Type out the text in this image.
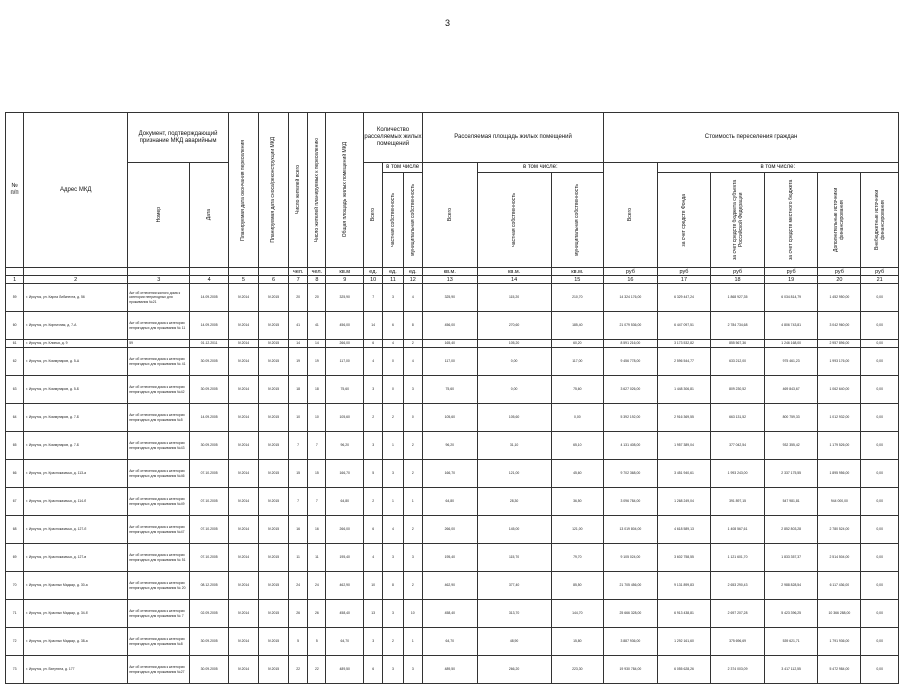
3
№
п/п	Адрес МКД	Документ, подтверждающий признание МКД аварийным		Планируемая дата окончания переселения	Планируемая дата сноса/реконструкции МКД	Число жителей всего	Число жителей планируемых к переселению	Общая площадь жилых помещений МКД	Количество расселяемых жилых помещений			Расселяемая площадь жилых помещений			Стоимость переселения граждан					

		Номер	Дата						Всего	в том числе		Всего	в том числе:		Всего	в том числе:				

										частная собственность	муниципальная собственность		частная собственность	муниципальная собственность		за счет средств Фонда	за счет средств бюджета субъекта Российской Федерации	за счет средств местного бюджета	Дополнительные источники финансирования	Внебюджетные источники финансирования

						чел.	чел.	кв.м	ед.	ед.	ед.	кв.м.	кв.м.	кв.м.	руб	руб	руб	руб	руб	руб
1	2	3	4	5	6	7	8	9	10	11	12	13	14	15	16	17	18	19	20	21
59	г. Иркутск, ул. Карла Либкнехта, д. 56	Акт об отнесении жилого дома к категории непригодных для проживания №21	14.09.2005	IV.2014	IV.2015	20	20	325,90	7	3	4	325,90	115,20	210,70	14 324 176,00	6 329 447,24	1 868 927,35	6 034 814,79	1 452 950,00	0,00
60	г. Иркутск, ул. Кирпичная, д. 7-А	Акт об отнесении дома к категории непригодных для проживания № 11	14.09.2005	IV.2014	IV.2015	41	41	456,00	14	6	8	456,00	270,60	185,40	21 079 536,00	6 447 097,51	2 784 734,68	4 806 743,81	3 042 960,00	0,00
61	г. Иркутск, ул. Клинья, д. 9	59	01.12.2011	IV.2014	IV.2015	14	14	266,00	6	4	2	165,40	105,20	60,20	8 591 216,00	3 173 532,82	855 567,36	1 246 168,00	2 957 896,00	0,00
62	г. Иркутск, ул. Коммунаров, д. 5-А	Акт об отнесении дома к категории непригодных для проживания № 41	30.09.2005	IV.2014	IV.2015	19	19	117,00	4	0	4	117,00	0,00	117,00	9 456 778,00	2 596 544,77	633 212,00	975 461,23	1 993 176,00	0,00
63	г. Иркутск, ул. Коммунаров, д. 5-Б	Акт об отнесении дома к категории непригодных для проживания №42	30.09.2005	IV.2014	IV.2015	18	18	75,60	3	0	3	75,60	0,00	75,60	3 627 026,00	1 448 306,81	809 230,52	469 843,67	1 062 640,00	0,00
64	г. Иркутск, ул. Коммунаров, д. 7-Б	Акт об отнесении дома к категории непригодных для проживания №5	14.09.2005	IV.2014	IV.2015	10	10	105,60	2	2	0	105,60	105,60	0,00	5 392 192,00	2 916 369,55	663 131,52	800 759,33	1 012 932,00	0,00
65	г. Иркутск, ул. Коммунаров, д. 7-Б	Акт об отнесении дома к категории непригодных для проживания №43	30.09.2005	IV.2014	IV.2015	7	7	96,20	3	1	2	96,20	31,10	65,10	4 131 408,00	1 957 389,04	377 042,54	932 355,42	1 179 526,00	0,00
66	г. Иркутск, ул. Красноказачья, д. 113-а	Акт об отнесении дома к категории непригодных для проживания №46	07.10.2005	IV.2014	IV.2015	15	15	166,70	5	3	2	166,70	121,00	45,60	9 702 368,00	3 451 940,61	1 993 243,00	2 337 175,55	1 895 956,00	0,00
67	г. Иркутск, ул. Красноказачья, д. 114-б	Акт об отнесении дома к категории непригодных для проживания №49	07.10.2005	IV.2014	IV.2015	7	7	64,80	2	1	1	64,80	28,30	36,50	3 096 784,00	1 268 249,04	391 897,15	547 981,81	944 000,00	0,00
68	г. Иркутск, ул. Красноказачья, д. 127-б	Акт об отнесении дома к категории непригодных для проживания №47	07.10.2005	IV.2014	IV.2015	16	16	266,00	6	4	2	266,00	145,00	121,00	13 019 804,00	4 618 589,13	1 408 567,61	2 852 803,28	2 780 524,00	0,00
69	г. Иркутск, ул. Красноказачья, д. 127-в	Акт об отнесении дома к категории непригодных для проживания № 51	07.10.2005	IV.2014	IV.2015	11	11	195,40	4	3	3	195,40	115,70	79,70	9 105 024,00	3 602 758,55	1 121 601,70	1 833 357,37	2 514 504,00	0,00
70	г. Иркутск, ул. Красных Мадьяр, д. 30-а	Акт об отнесении дома к категории непригодных для проживания № 20	08.12.2005	IV.2014	IV.2015	24	24	462,90	10	8	2	462,90	377,40	85,50	21 705 456,00	9 131 899,83	2 653 290,43	2 988 828,54	6 117 436,00	0,00
71	г. Иркутск, ул. Красных Мадьяр, д. 34-б	Акт об отнесении дома к категории непригодных для проживания № 7	02.09.2005	IV.2014	IV.2015	26	26	458,40	13	3	10	458,40	313,70	144,70	25 666 328,00	6 913 438,81	2 697 207,28	5 423 396,25	10 366 288,00	0,00
72	г. Иркутск, ул. Красных Мадьяр, д. 38-а	Акт об отнесении дома к категории непригодных для проживания №8	30.09.2005	IV.2014	IV.2015	5	5	64,70	3	2	1	64,70	48,90	15,80	3 887 936,00	1 292 161,60	375 696,69	539 621,71	1 791 936,00	0,00
73	г. Иркутск, ул. Ватутина, д. 177	Акт об отнесении дома к категории непригодных для проживания №27	30.09.2005	IV.2014	IV.2015	22	22	489,50	6	3	3	489,50	266,20	223,30	19 930 784,00	6 055 628,26	2 374 003,09	3 417 112,55	5 472 984,00	0,00
